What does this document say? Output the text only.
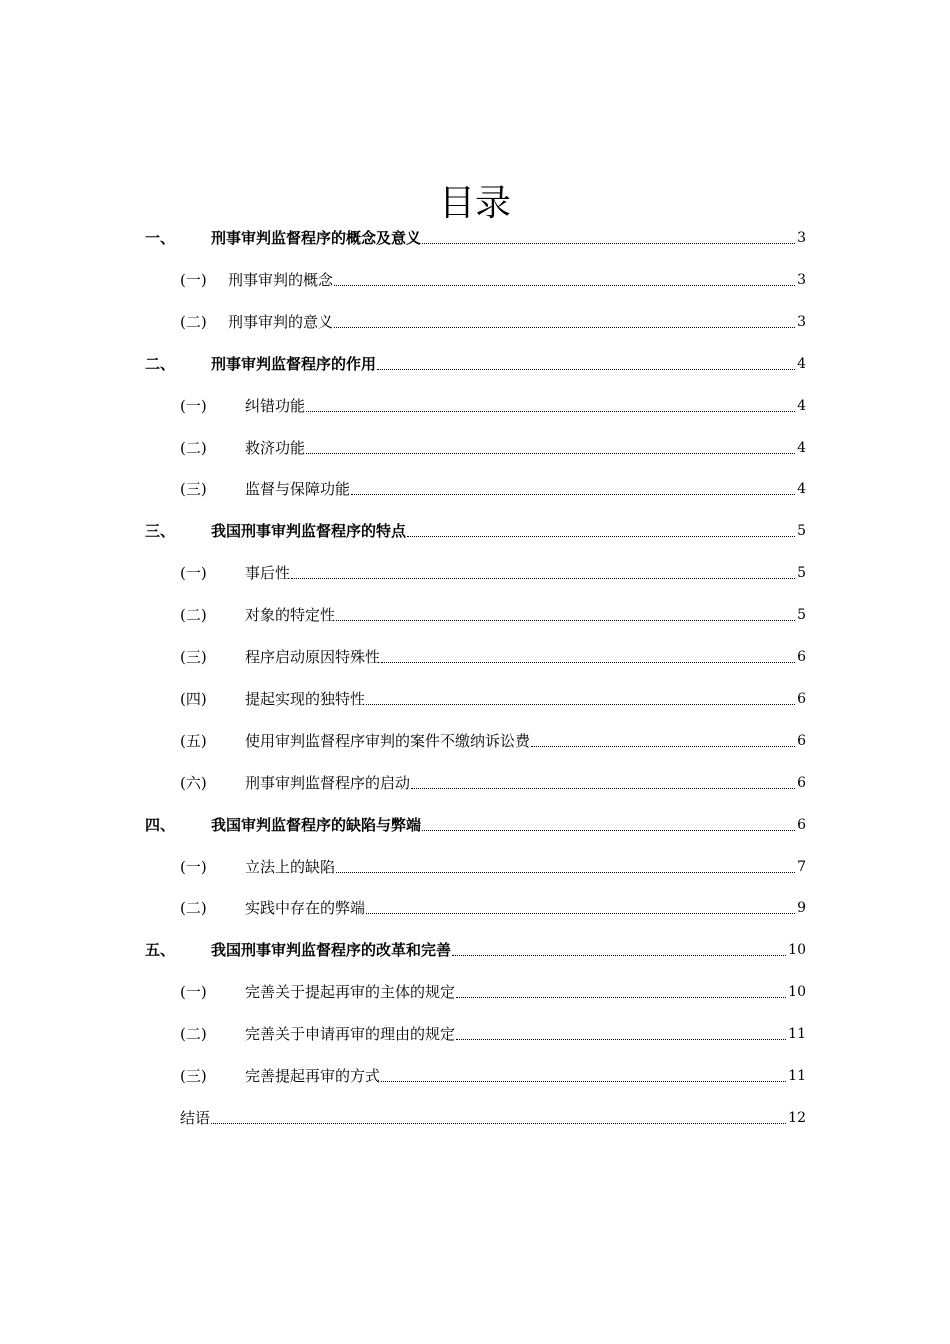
目录
一、	刑事审判监督程序的概念及意义	3
(一)	刑事审判的概念	3
(二)	刑事审判的意义	3
二、	刑事审判监督程序的作用	4
(一)	纠错功能	4
(二)	救济功能	4
(三)	监督与保障功能	4
三、	我国刑事审判监督程序的特点	5
(一)	事后性	5
(二)	对象的特定性	5
(三)	程序启动原因特殊性	6
(四)	提起实现的独特性	6
(五)	使用审判监督程序审判的案件不缴纳诉讼费	6
(六)	刑事审判监督程序的启动	6
四、	我国审判监督程序的缺陷与弊端	6
(一)	立法上的缺陷	7
(二)	实践中存在的弊端	9
五、	我国刑事审判监督程序的改革和完善	10
(一)	完善关于提起再审的主体的规定	10
(二)	完善关于申请再审的理由的规定	11
(三)	完善提起再审的方式	11
结语	12
